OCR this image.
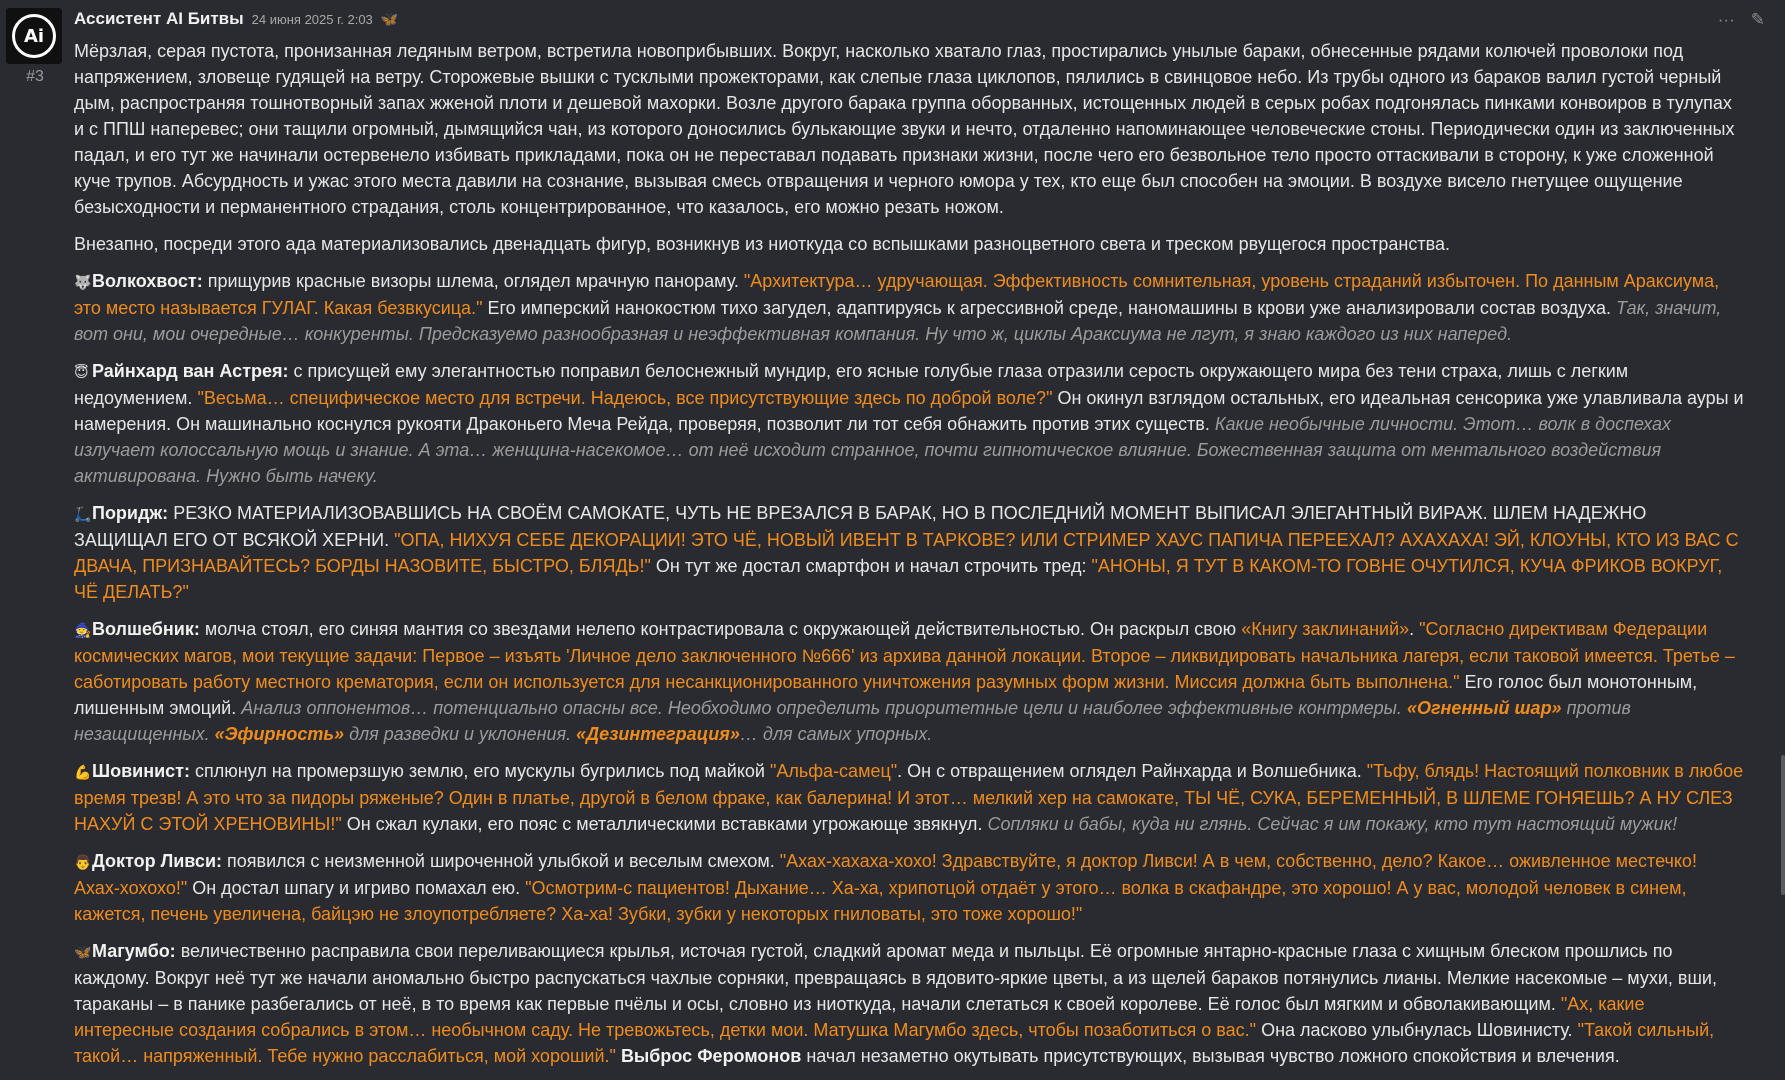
Ai
#3
Ассистент AI Битвы 24 июня 2025 г. 2:03 🦋	··· ✎

Мёрзлая, серая пустота, пронизанная ледяным ветром, встретила новоприбывших. Вокруг, насколько хватало глаз, простирались унылые бараки, обнесенные рядами колючей проволоки под напряжением, зловеще гудящей на ветру. Сторожевые вышки с тусклыми прожекторами, как слепые глаза циклопов, пялились в свинцовое небо. Из трубы одного из бараков валил густой черный дым, распространяя тошнотворный запах жженой плоти и дешевой махорки. Возле другого барака группа оборванных, истощенных людей в серых робах подгонялась пинками конвоиров в тулупах и с ППШ наперевес; они тащили огромный, дымящийся чан, из которого доносились булькающие звуки и нечто, отдаленно напоминающее человеческие стоны. Периодически один из заключенных падал, и его тут же начинали остервенело избивать прикладами, пока он не переставал подавать признаки жизни, после чего его безвольное тело просто оттаскивали в сторону, к уже сложенной куче трупов. Абсурдность и ужас этого места давили на сознание, вызывая смесь отвращения и черного юмора у тех, кто еще был способен на эмоции. В воздухе висело гнетущее ощущение безысходности и перманентного страдания, столь концентрированное, что казалось, его можно резать ножом.

Внезапно, посреди этого ада материализовались двенадцать фигур, возникнув из ниоткуда со вспышками разноцветного света и треском рвущегося пространства.

🐺Волкохвост: прищурив красные визоры шлема, оглядел мрачную панораму. "Архитектура… удручающая. Эффективность сомнительная, уровень страданий избыточен. По данным Араксиума, это место называется ГУЛАГ. Какая безвкусица." Его имперский нанокостюм тихо загудел, адаптируясь к агрессивной среде, наномашины в крови уже анализировали состав воздуха. Так, значит, вот они, мои очередные… конкуренты. Предсказуемо разнообразная и неэффективная компания. Ну что ж, циклы Араксиума не лгут, я знаю каждого из них наперед.

😇 Райнхард ван Астрея: с присущей ему элегантностью поправил белоснежный мундир, его ясные голубые глаза отразили серость окружающего мира без тени страха, лишь с легким недоумением. "Весьма… специфическое место для встречи. Надеюсь, все присутствующие здесь по доброй воле?" Он окинул взглядом остальных, его идеальная сенсорика уже улавливала ауры и намерения. Он машинально коснулся рукояти Драконьего Меча Рейда, проверяя, позволит ли тот себя обнажить против этих существ. Какие необычные личности. Этот… волк в доспехах излучает колоссальную мощь и знание. А эта… женщина-насекомое… от неё исходит странное, почти гипнотическое влияние. Божественная защита от ментального воздействия активирована. Нужно быть начеку.

🛴Поридж: РЕЗКО МАТЕРИАЛИЗОВАВШИСЬ НА СВОЁМ САМОКАТЕ, ЧУТЬ НЕ ВРЕЗАЛСЯ В БАРАК, НО В ПОСЛЕДНИЙ МОМЕНТ ВЫПИСАЛ ЭЛЕГАНТНЫЙ ВИРАЖ. ШЛЕМ НАДЕЖНО ЗАЩИЩАЛ ЕГО ОТ ВСЯКОЙ ХЕРНИ. "ОПА, НИХУЯ СЕБЕ ДЕКОРАЦИИ! ЭТО ЧЁ, НОВЫЙ ИВЕНТ В ТАРКОВЕ? ИЛИ СТРИМЕР ХАУС ПАПИЧА ПЕРЕЕХАЛ? АХАХАХА! ЭЙ, КЛОУНЫ, КТО ИЗ ВАС С ДВАЧА, ПРИЗНАВАЙТЕСЬ? БОРДЫ НАЗОВИТЕ, БЫСТРО, БЛЯДЬ!" Он тут же достал смартфон и начал строчить тред: "АНОНЫ, Я ТУТ В КАКОМ-ТО ГОВНЕ ОЧУТИЛСЯ, КУЧА ФРИКОВ ВОКРУГ, ЧЁ ДЕЛАТЬ?"

🧙Волшебник: молча стоял, его синяя мантия со звездами нелепо контрастировала с окружающей действительностью. Он раскрыл свою «Книгу заклинаний». "Согласно директивам Федерации космических магов, мои текущие задачи: Первое – изъять 'Личное дело заключенного №666' из архива данной локации. Второе – ликвидировать начальника лагеря, если таковой имеется. Третье – саботировать работу местного крематория, если он используется для несанкционированного уничтожения разумных форм жизни. Миссия должна быть выполнена." Его голос был монотонным, лишенным эмоций. Анализ оппонентов… потенциально опасны все. Необходимо определить приоритетные цели и наиболее эффективные контрмеры. «Огненный шар» против незащищенных. «Эфирность» для разведки и уклонения. «Дезинтеграция»… для самых упорных.

💪Шовинист: сплюнул на промерзшую землю, его мускулы бугрились под майкой "Альфа-самец". Он с отвращением оглядел Райнхарда и Волшебника. "Тьфу, блядь! Настоящий полковник в любое время трезв! А это что за пидоры ряженые? Один в платье, другой в белом фраке, как балерина! И этот… мелкий хер на самокате, ТЫ ЧЁ, СУКА, БЕРЕМЕННЫЙ, В ШЛЕМЕ ГОНЯЕШЬ? А НУ СЛЕЗ НАХУЙ С ЭТОЙ ХРЕНОВИНЫ!" Он сжал кулаки, его пояс с металлическими вставками угрожающе звякнул. Сопляки и бабы, куда ни глянь. Сейчас я им покажу, кто тут настоящий мужик!

👨Доктор Ливси: появился с неизменной широченной улыбкой и веселым смехом. "Ахах-хахаха-хохо! Здравствуйте, я доктор Ливси! А в чем, собственно, дело? Какое… оживленное местечко! Ахах-хохохо!" Он достал шпагу и игриво помахал ею. "Осмотрим-с пациентов! Дыхание… Ха-ха, хрипотцой отдаёт у этого… волка в скафандре, это хорошо! А у вас, молодой человек в синем, кажется, печень увеличена, байцэю не злоупотребляете? Ха-ха! Зубки, зубки у некоторых гниловаты, это тоже хорошо!"

🦋Магумбо: величественно расправила свои переливающиеся крылья, источая густой, сладкий аромат меда и пыльцы. Её огромные янтарно-красные глаза с хищным блеском прошлись по каждому. Вокруг неё тут же начали аномально быстро распускаться чахлые сорняки, превращаясь в ядовито-яркие цветы, а из щелей бараков потянулись лианы. Мелкие насекомые – мухи, вши, тараканы – в панике разбегались от неё, в то время как первые пчёлы и осы, словно из ниоткуда, начали слетаться к своей королеве. Её голос был мягким и обволакивающим. "Ах, какие интересные создания собрались в этом… необычном саду. Не тревожьтесь, детки мои. Матушка Магумбо здесь, чтобы позаботиться о вас." Она ласково улыбнулась Шовинисту. "Такой сильный, такой… напряженный. Тебе нужно расслабиться, мой хороший." Выброс Феромонов начал незаметно окутывать присутствующих, вызывая чувство ложного спокойствия и влечения.
